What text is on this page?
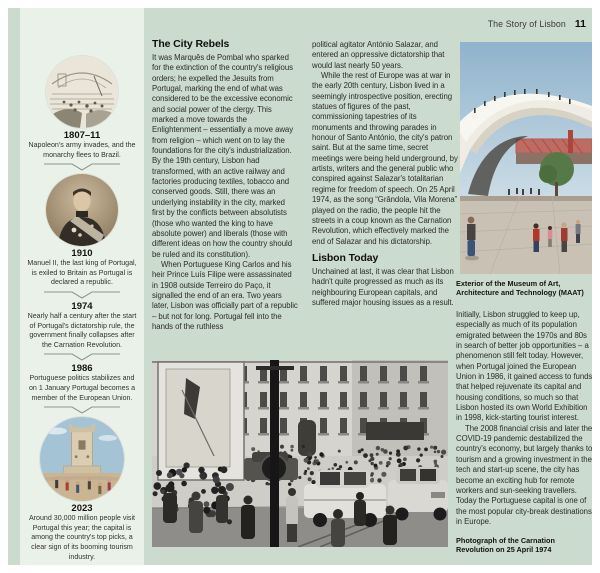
The Story of Lisbon 11
1807–11
Napoleon's army invades, and the monarchy flees to Brazil.
1910
Manuel II, the last king of Portugal, is exiled to Britain as Portugal is declared a republic.
1974
Nearly half a century after the start of Portugal's dictatorship rule, the government finally collapses after the Carnation Revolution.
1986
Portuguese politics stabilizes and on 1 January Portugal becomes a member of the European Union.
2023
Around 30,000 million people visit Portugal this year; the capital is among the country's top picks, a clear sign of its booming tourism industry.
The City Rebels

It was Marquês de Pombal who sparked for the extinction of the country's religious orders; he expelled the Jesuits from Portugal, marking the end of what was considered to be the excessive economic and social power of the clergy. This marked a move towards the Enlightenment – essentially a move away from religion – which went on to lay the foundations for the city's industrialization. By the 19th century, Lisbon had transformed, with an active railway and factories producing textiles, tobacco and conserved goods. Still, there was an underlying instability in the city, marked first by the conflicts between absolutists (those who wanted the king to have absolute power) and liberals (those with different ideas on how the country should be ruled and its constitution).

When Portuguese King Carlos and his heir Prince Luís Filipe were assassinated in 1908 outside Terreiro do Paço, it signalled the end of an era. Two years later, Lisbon was officially part of a republic – but not for long. Portugal fell into the hands of the ruthless

political agitator António Salazar, and entered an oppressive dictatorship that would last nearly 50 years.

While the rest of Europe was at war in the early 20th century, Lisbon lived in a seemingly introspective position, erecting statues of figures of the past, commissioning tapestries of its monuments and throwing parades in honour of Santo António, the city's patron saint. But at the same time, secret meetings were being held underground, by artists, writers and the general public who conspired against Salazar's totalitarian regime for freedom of speech. On 25 April 1974, as the song “Grândola, Vila Morena” played on the radio, the people hit the streets in a coup known as the Carnation Revolution, which effectively marked the end of Salazar and his dictatorship.

Lisbon Today

Unchained at last, it was clear that Lisbon hadn't quite progressed as much as its neighbouring European capitals, and suffered major housing issues as a result.

Exterior of the Museum of Art, Architecture and Technology (MAAT)

Initially, Lisbon struggled to keep up, especially as much of its population emigrated between the 1970s and 80s in search of better job opportunities – a phenomenon still felt today. However, when Portugal joined the European Union in 1986, it gained access to funds that helped rejuvenate its capital and housing conditions, so much so that Lisbon hosted its own World Exhibition in 1998, kick-starting tourist interest.

The 2008 financial crisis and later the COVID-19 pandemic destabilized the country's economy, but largely thanks to tourism and a growing investment in the tech and start-up scene, the city has become an exciting hub for remote workers and sun-seeking travellers. Today the Portuguese capital is one of the most popular city-break destinations in Europe.

Photograph of the Carnation Revolution on 25 April 1974
